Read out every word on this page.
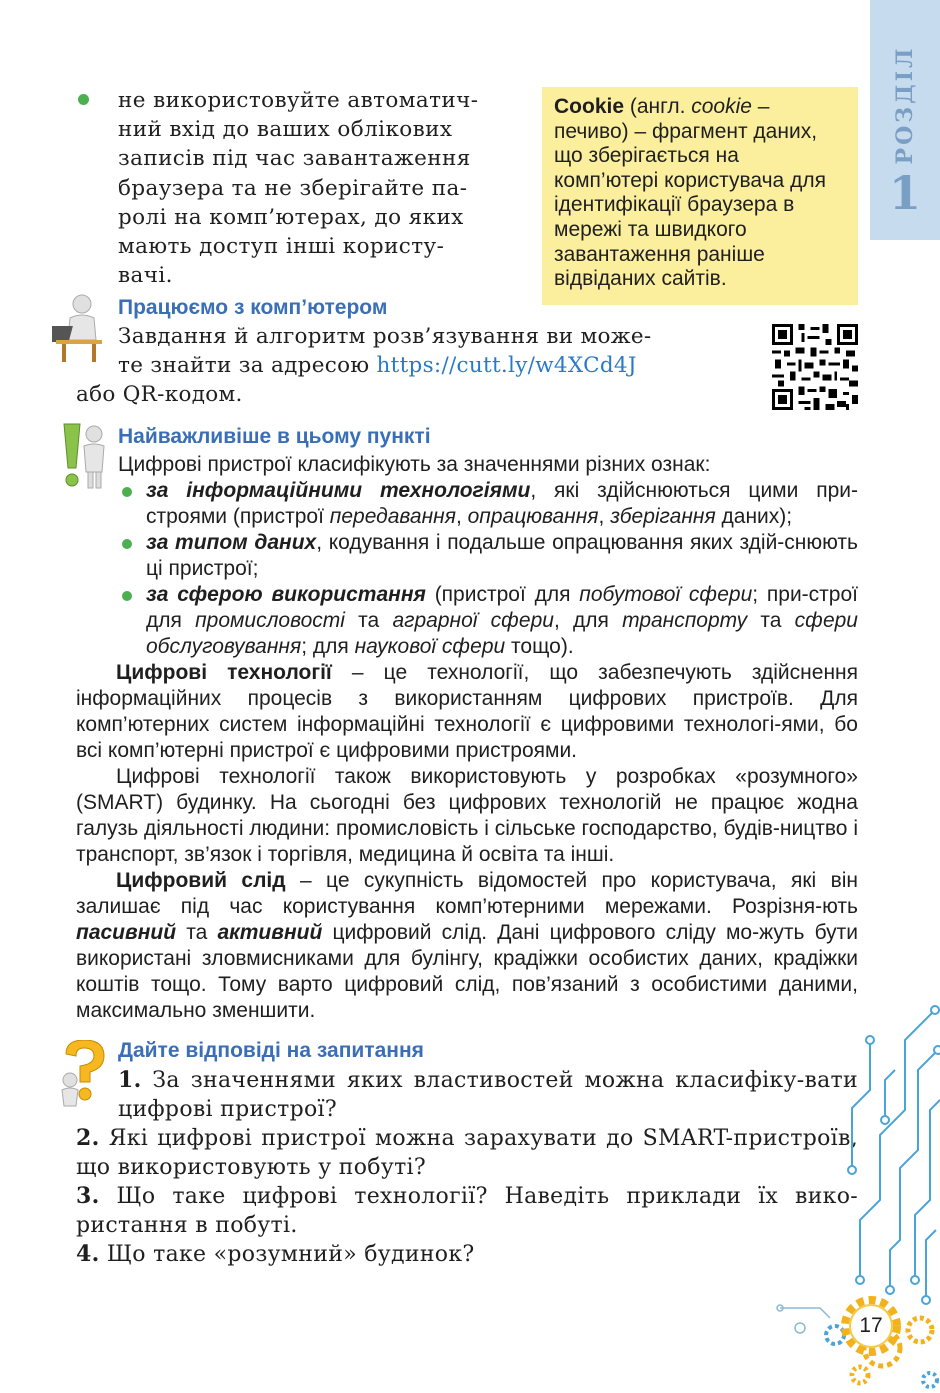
РОЗДІЛ
1
не використовуйте автоматич-
ний вхід до ваших облікових
записів під час завантаження
браузера та не зберігайте па-
ролі на комп’ютерах, до яких
мають доступ інші користу-
вачі.
Cookie (англ. cookie – печиво) – фрагмент даних, що зберігається на комп’ютері користувача для ідентифікації браузера в мережі та швидкого завантаження раніше відвіданих сайтів.
Працюємо з комп’ютером
Завдання й алгоритм розв’язування ви може-
те знайти за адресою https://cutt.ly/w4XCd4J
або QR-кодом.
Найважливіше в цьому пункті

Цифрові пристрої класифікують за значеннями різних ознак:

за інформаційними технологіями, які здійснюються цими при-строями (пристрої передавання, опрацювання, зберігання даних);

за типом даних, кодування і подальше опрацювання яких здій-снюють ці пристрої;

за сферою використання (пристрої для побутової сфери; при-строї для промисловості та аграрної сфери, для транспорту та сфери обслуговування; для наукової сфери тощо).

Цифрові технології – це технології, що забезпечують здійснення інформаційних процесів з використанням цифрових пристроїв. Для комп’ютерних систем інформаційні технології є цифровими технологі-ями, бо всі комп’ютерні пристрої є цифровими пристроями.

Цифрові технології також використовують у розробках «розумного» (SMART) будинку. На сьогодні без цифрових технологій не працює жодна галузь діяльності людини: промисловість і сільське господарство, будів-ництво і транспорт, зв’язок і торгівля, медицина й освіта та інші.

Цифровий слід – це сукупність відомостей про користувача, які він залишає під час користування комп’ютерними мережами. Розрізня-ють пасивний та активний цифровий слід. Дані цифрового сліду мо-жуть бути використані зловмисниками для булінгу, крадіжки особистих даних, крадіжки коштів тощо. Тому варто цифровий слід, пов’язаний з особистими даними, максимально зменшити.

Дайте відповіді на запитання

1. За значеннями яких властивостей можна класифіку-вати цифрові пристрої?

2. Які цифрові пристрої можна зарахувати до SMART-пристроїв, що використовують у побуті?

3. Що таке цифрові технології? Наведіть приклади їх вико-ристання в побуті.

4. Що таке «розумний» будинок?

17
